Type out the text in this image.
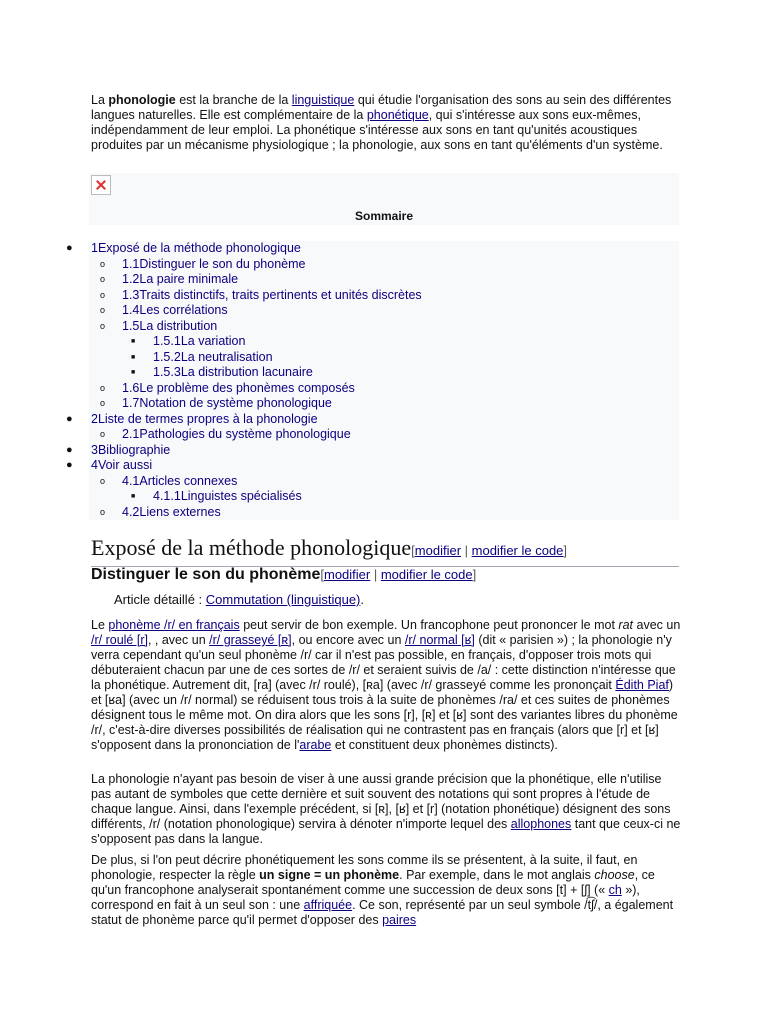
La phonologie est la branche de la linguistique qui étudie l'organisation des sons au sein des différentes langues naturelles. Elle est complémentaire de la phonétique, qui s'intéresse aux sons eux-mêmes, indépendamment de leur emploi. La phonétique s'intéresse aux sons en tant qu'unités acoustiques produites par un mécanisme physiologique ; la phonologie, aux sons en tant qu'éléments d'un système.

Sommaire
● 1Exposé de la méthode phonologique
o 1.1Distinguer le son du phonème
o 1.2La paire minimale
o 1.3Traits distinctifs, traits pertinents et unités discrètes
o 1.4Les corrélations
o 1.5La distribution
■ 1.5.1La variation
■ 1.5.2La neutralisation
■ 1.5.3La distribution lacunaire
o 1.6Le problème des phonèmes composés
o 1.7Notation de système phonologique
● 2Liste de termes propres à la phonologie
o 2.1Pathologies du système phonologique
● 3Bibliographie
● 4Voir aussi
o 4.1Articles connexes
■ 4.1.1Linguistes spécialisés
o 4.2Liens externes
Exposé de la méthode phonologique[modifier | modifier le code]
Distinguer le son du phonème[modifier | modifier le code]
Article détaillé : Commutation (linguistique).

Le phonème /r/ en français peut servir de bon exemple. Un francophone peut prononcer le mot rat avec un /r/ roulé [r], , avec un /r/ grasseyé [ʀ], ou encore avec un /r/ normal [ʁ] (dit « parisien ») ; la phonologie n'y verra cependant qu'un seul phonème /r/ car il n'est pas possible, en français, d'opposer trois mots qui débuteraient chacun par une de ces sortes de /r/ et seraient suivis de /a/ : cette distinction n'intéresse que la phonétique. Autrement dit, [ra] (avec /r/ roulé), [ʀa] (avec /r/ grasseyé comme les prononçait Édith Piaf) et [ʁa] (avec un /r/ normal) se réduisent tous trois à la suite de phonèmes /ra/ et ces suites de phonèmes désignent tous le même mot. On dira alors que les sons [r], [ʀ] et [ʁ] sont des variantes libres du phonème /r/, c'est-à-dire diverses possibilités de réalisation qui ne contrastent pas en français (alors que [r] et [ʁ] s'opposent dans la prononciation de l'arabe et constituent deux phonèmes distincts).

La phonologie n'ayant pas besoin de viser à une aussi grande précision que la phonétique, elle n'utilise pas autant de symboles que cette dernière et suit souvent des notations qui sont propres à l'étude de chaque langue. Ainsi, dans l'exemple précédent, si [ʀ], [ʁ] et [r] (notation phonétique) désignent des sons différents, /r/ (notation phonologique) servira à dénoter n'importe lequel des allophones tant que ceux-ci ne s'opposent pas dans la langue.

De plus, si l'on peut décrire phonétiquement les sons comme ils se présentent, à la suite, il faut, en phonologie, respecter la règle un signe = un phonème. Par exemple, dans le mot anglais choose, ce qu'un francophone analyserait spontanément comme une succession de deux sons [t] + [ʃ] (« ch »), correspond en fait à un seul son : une affriquée. Ce son, représenté par un seul symbole /t͡ʃ/, a également statut de phonème parce qu'il permet d'opposer des paires
